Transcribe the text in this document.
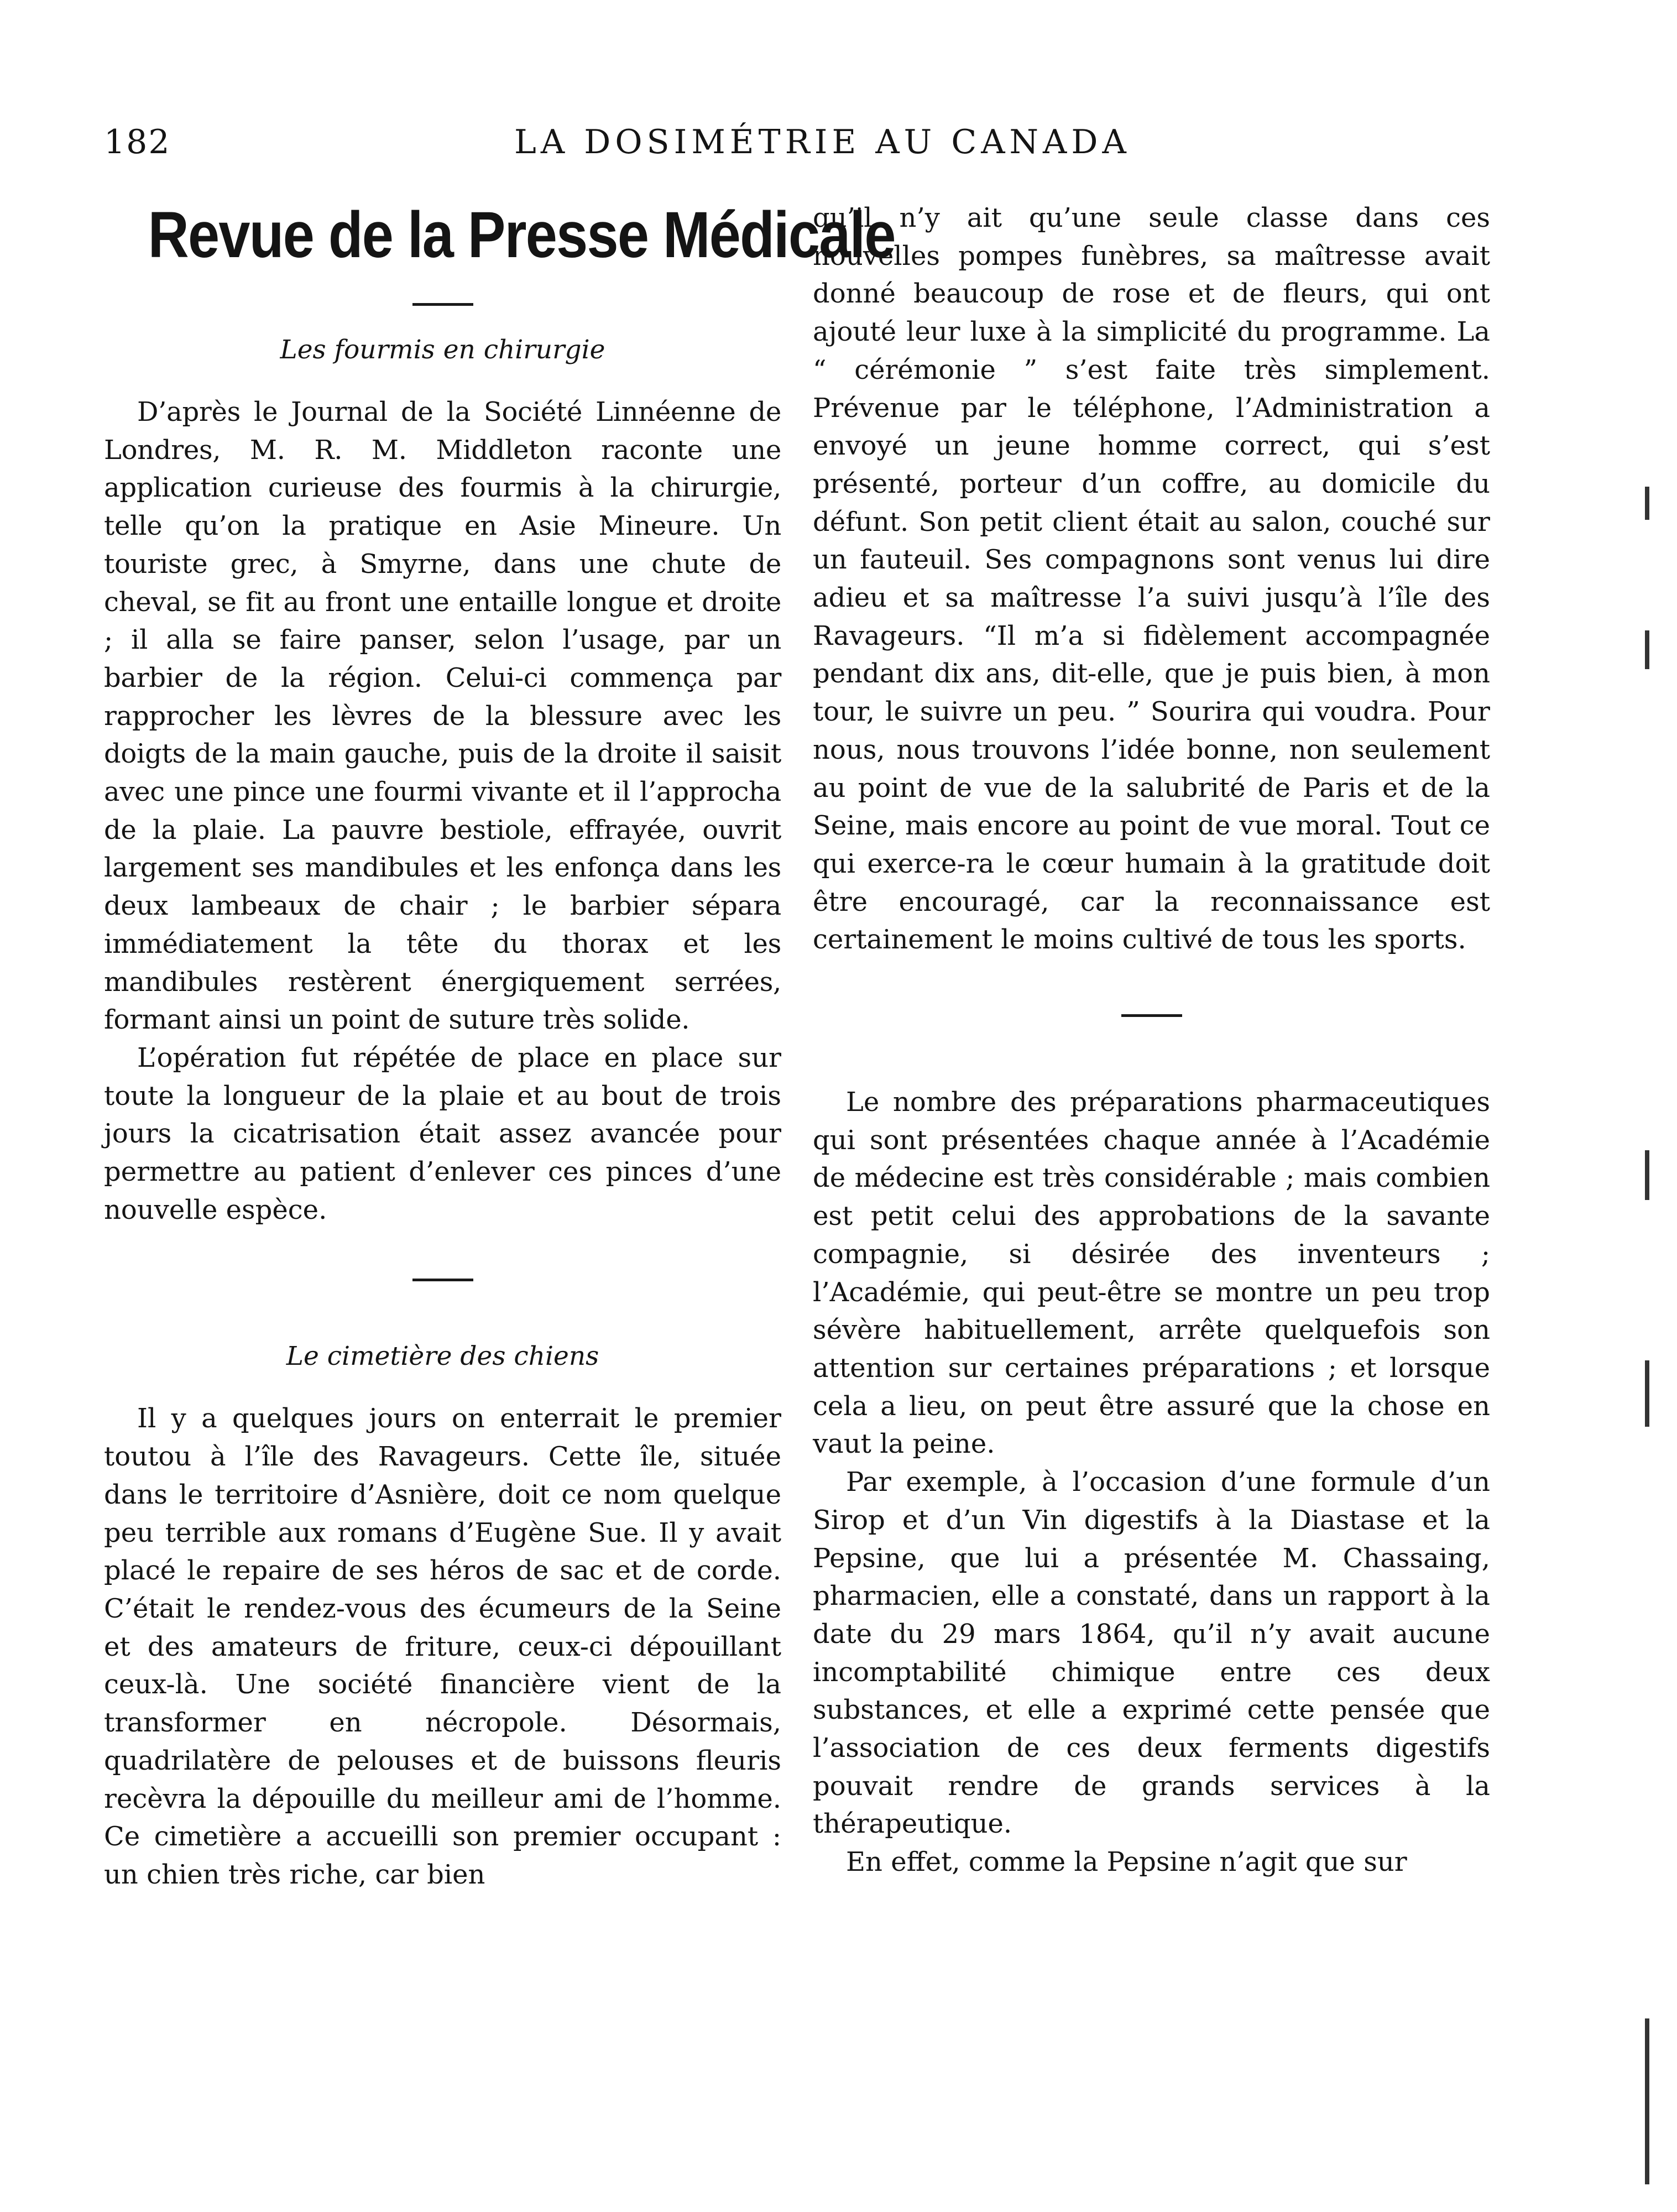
182	LA DOSIMÉTRIE AU CANADA
Revue de la Presse Médicale
Les fourmis en chirurgie

D’après le Journal de la Société Linnéenne de Londres, M. R. M. Middleton raconte une application curieuse des fourmis à la chirurgie, telle qu’on la pratique en Asie Mineure. Un touriste grec, à Smyrne, dans une chute de cheval, se fit au front une entaille longue et droite ; il alla se faire panser, selon l’usage, par un barbier de la région. Celui-ci commença par rapprocher les lèvres de la blessure avec les doigts de la main gauche, puis de la droite il saisit avec une pince une fourmi vivante et il l’approcha de la plaie. La pauvre bestiole, effrayée, ouvrit largement ses mandibules et les enfonça dans les deux lambeaux de chair ; le barbier sépara immédiatement la tête du thorax et les mandibules restèrent énergiquement serrées, formant ainsi un point de suture très solide.

L’opération fut répétée de place en place sur toute la longueur de la plaie et au bout de trois jours la cicatrisation était assez avancée pour permettre au patient d’enlever ces pinces d’une nouvelle espèce.

Le cimetière des chiens

Il y a quelques jours on enterrait le premier toutou à l’île des Ravageurs. Cette île, située dans le territoire d’Asnière, doit ce nom quelque peu terrible aux romans d’Eugène Sue. Il y avait placé le repaire de ses héros de sac et de corde. C’était le rendez-vous des écumeurs de la Seine et des amateurs de friture, ceux-ci dépouillant ceux-là. Une société financière vient de la transformer en nécropole. Désormais, quadrilatère de pelouses et de buissons fleuris recèvra la dépouille du meilleur ami de l’homme. Ce cimetière a accueilli son premier occupant : un chien très riche, car bien

qu’il n’y ait qu’une seule classe dans ces nouvelles pompes funèbres, sa maîtresse avait donné beaucoup de rose et de fleurs, qui ont ajouté leur luxe à la simplicité du programme. La “ cérémonie ” s’est faite très simplement. Prévenue par le téléphone, l’Administration a envoyé un jeune homme correct, qui s’est présenté, porteur d’un coffre, au domicile du défunt. Son petit client était au salon, couché sur un fauteuil. Ses compagnons sont venus lui dire adieu et sa maîtresse l’a suivi jusqu’à l’île des Ravageurs. “Il m’a si fidèlement accompagnée pendant dix ans, dit-elle, que je puis bien, à mon tour, le suivre un peu. ” Sourira qui voudra. Pour nous, nous trouvons l’idée bonne, non seulement au point de vue de la salubrité de Paris et de la Seine, mais encore au point de vue moral. Tout ce qui exerce-ra le cœur humain à la gratitude doit être encouragé, car la reconnaissance est certainement le moins cultivé de tous les sports.

Le nombre des préparations pharmaceutiques qui sont présentées chaque année à l’Académie de médecine est très considérable ; mais combien est petit celui des approbations de la savante compagnie, si désirée des inventeurs ; l’Académie, qui peut-être se montre un peu trop sévère habituellement, arrête quelquefois son attention sur certaines préparations ; et lorsque cela a lieu, on peut être assuré que la chose en vaut la peine.

Par exemple, à l’occasion d’une formule d’un Sirop et d’un Vin digestifs à la Diastase et la Pepsine, que lui a présentée M. Chassaing, pharmacien, elle a constaté, dans un rapport à la date du 29 mars 1864, qu’il n’y avait aucune incomptabilité chimique entre ces deux substances, et elle a exprimé cette pensée que l’association de ces deux ferments digestifs pouvait rendre de grands services à la thérapeutique.

En effet, comme la Pepsine n’agit que sur
